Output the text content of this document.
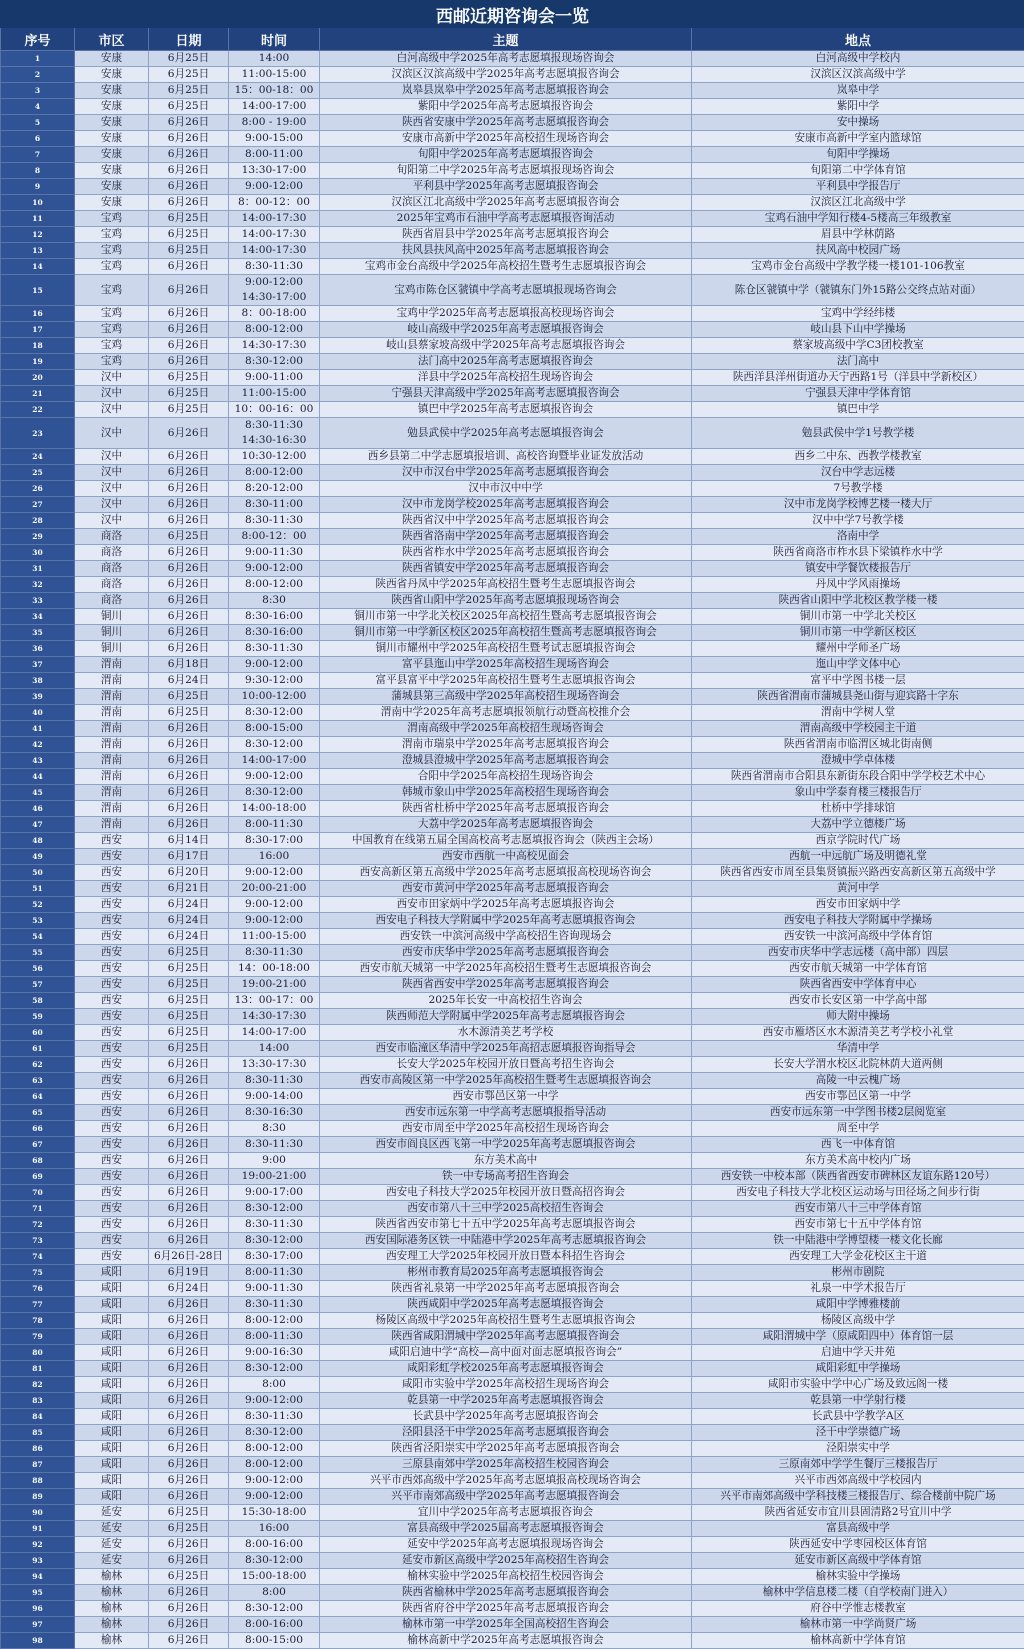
西邮近期咨询会一览					
序号	市区	日期	时间	主题	地点
1	安康	6月25日	14:00	白河高级中学2025年高考志愿填报现场咨询会	白河高级中学校内
2	安康	6月25日	11:00-15:00	汉滨区汉滨高级中学2025年高考志愿填报咨询会	汉滨区汉滨高级中学
3	安康	6月25日	15：00-18：00	岚皋县岚皋中学2025年高考志愿填报咨询会	岚皋中学
4	安康	6月25日	14:00-17:00	紫阳中学2025年高考志愿填报咨询会	紫阳中学
5	安康	6月26日	8:00 - 19:00	陕西省安康中学2025年高考志愿填报咨询会	安中操场
6	安康	6月26日	9:00-15:00	安康市高新中学2025年高校招生现场咨询会	安康市高新中学室内篮球馆
7	安康	6月26日	8:00-11:00	旬阳中学2025年高考志愿填报咨询会	旬阳中学操场
8	安康	6月26日	13:30-17:00	旬阳第二中学2025年高考志愿填报现场咨询会	旬阳第二中学体育馆
9	安康	6月26日	9:00-12:00	平利县中学2025年高考志愿填报咨询会	平利县中学报告厅
10	安康	6月26日	8：00-12：00	汉滨区江北高级中学2025年高考志愿填报咨询会	汉滨区江北高级中学
11	宝鸡	6月25日	14:00-17:30	2025年宝鸡市石油中学高考志愿填报咨询活动	宝鸡石油中学知行楼4-5楼高三年级教室
12	宝鸡	6月25日	14:00-17:30	陕西省眉县中学2025年高考志愿填报咨询会	眉县中学林荫路
13	宝鸡	6月25日	14:00-17:30	扶风县扶风高中2025年高考志愿填报咨询会	扶风高中校园广场
14	宝鸡	6月26日	8:30-11:30	宝鸡市金台高级中学2025年高校招生暨考生志愿填报咨询会	宝鸡市金台高级中学教学楼一楼101-106教室
15	宝鸡	6月26日	9:00-12:00
14:30-17:00	宝鸡市陈仓区虢镇中学高考志愿填报现场咨询会	陈仓区虢镇中学（虢镇东门外15路公交终点站对面）
16	宝鸡	6月26日	8：00-18:00	宝鸡中学2025年高考志愿填报高校现场咨询会	宝鸡中学经纬楼
17	宝鸡	6月26日	8:00-12:00	岐山高级中学2025年高考志愿填报咨询会	岐山县下山中学操场
18	宝鸡	6月26日	14:30-17:30	岐山县蔡家坡高级中学2025年高考志愿填报咨询会	蔡家坡高级中学C3团校教室
19	宝鸡	6月26日	8:30-12:00	法门高中2025年高考志愿填报咨询会	法门高中
20	汉中	6月25日	9:00-11:00	洋县中学2025年高校招生现场咨询会	陕西洋县洋州街道办天宁西路1号（洋县中学新校区）
21	汉中	6月25日	11:00-15:00	宁强县天津高级中学2025年高考志愿填报咨询会	宁强县天津中学体育馆
22	汉中	6月25日	10：00-16：00	镇巴中学2025年高考志愿填报咨询会	镇巴中学
23	汉中	6月26日	8:30-11:30
14:30-16:30	勉县武侯中学2025年高考志愿填报咨询会	勉县武侯中学1号教学楼
24	汉中	6月26日	10:30-12:00	西乡县第二中学志愿填报培训、高校咨询暨毕业证发放活动	西乡二中东、西教学楼教室
25	汉中	6月26日	8:00-12:00	汉中市汉台中学2025年高考志愿填报咨询会	汉台中学志远楼
26	汉中	6月26日	8:20-12:00	汉中市汉中中学	7号教学楼
27	汉中	6月26日	8:30-11:00	汉中市龙岗学校2025年高考志愿填报咨询会	汉中市龙岗学校博艺楼一楼大厅
28	汉中	6月26日	8:30-11:30	陕西省汉中中学2025年高考志愿填报咨询会	汉中中学7号教学楼
29	商洛	6月25日	8:00-12：00	陕西省洛南中学2025年高考志愿填报咨询会	洛南中学
30	商洛	6月26日	9:00-11:30	陕西省柞水中学2025年高考志愿填报咨询会	陕西省商洛市柞水县下梁镇柞水中学
31	商洛	6月26日	9:00-12:00	陕西省镇安中学2025年高考志愿填报咨询会	镇安中学餐饮楼报告厅
32	商洛	6月26日	8:00-12:00	陕西省丹凤中学2025年高校招生暨考生志愿填报咨询会	丹凤中学风雨操场
33	商洛	6月26日	8:30	陕西省山阳中学2025年高考志愿填报现场咨询会	陕西省山阳中学北校区教学楼一楼
34	铜川	6月26日	8:30-16:00	铜川市第一中学北关校区2025年高校招生暨高考志愿填报咨询会	铜川市第一中学北关校区
35	铜川	6月26日	8:30-16:00	铜川市第一中学新区校区2025年高校招生暨高考志愿填报咨询会	铜川市第一中学新区校区
36	铜川	6月26日	8:30-11:30	铜川市耀州中学2025年高校招生暨考试志愿填报咨询会	耀州中学师圣广场
37	渭南	6月18日	9:00-12:00	富平县迤山中学2025年高校招生现场咨询会	迤山中学文体中心
38	渭南	6月24日	9:30-12:00	富平县富平中学2025年高校招生暨考生志愿填报咨询会	富平中学图书楼一层
39	渭南	6月25日	10:00-12:00	蒲城县第三高级中学2025年高校招生现场咨询会	陕西省渭南市蒲城县尧山街与迎宾路十字东
40	渭南	6月25日	8:30-12:00	渭南中学2025年高考志愿填报领航行动暨高校推介会	渭南中学树人堂
41	渭南	6月26日	8:00-15:00	渭南高级中学2025年高校招生现场咨询会	渭南高级中学校园主干道
42	渭南	6月26日	8:30-12:00	渭南市瑞泉中学2025年高考志愿填报咨询会	陕西省渭南市临渭区城北街南侧
43	渭南	6月26日	14:00-17:00	澄城县澄城中学2025年高考志愿填报咨询会	澄城中学卓体楼
44	渭南	6月26日	9:00-12:00	合阳中学2025年高校招生现场咨询会	陕西省渭南市合阳县东新街东段合阳中学学校艺术中心
45	渭南	6月26日	8:30-12:00	韩城市象山中学2025年高校招生现场咨询会	象山中学泰育楼三楼报告厅
46	渭南	6月26日	14:00-18:00	陕西省杜桥中学2025年高考志愿填报咨询会	杜桥中学排球馆
47	渭南	6月26日	8:00-11:30	大荔中学2025年高考志愿填报咨询会	大荔中学立德楼广场
48	西安	6月14日	8:30-17:00	中国教育在线第五届全国高校高考志愿填报咨询会（陕西主会场）	西京学院时代广场
49	西安	6月17日	16:00	西安市西航一中高校见面会	西航一中远航广场及明德礼堂
50	西安	6月20日	9:00-12:00	西安高新区第五高级中学2025年高考志愿填报高校现场咨询会	陕西省西安市周至县集贤镇振兴路西安高新区第五高级中学
51	西安	6月21日	20:00-21:00	西安市黄河中学2025年高考志愿填报咨询会	黄河中学
52	西安	6月24日	9:00-12:00	西安市田家炳中学2025年高考志愿填报咨询会	西安市田家炳中学
53	西安	6月24日	9:00-12:00	西安电子科技大学附属中学2025年高考志愿填报咨询会	西安电子科技大学附属中学操场
54	西安	6月24日	11:00-15:00	西安铁一中滨河高级中学高校招生咨询现场会	西安铁一中滨河高级中学体育馆
55	西安	6月25日	8:30-11:30	西安市庆华中学2025年高考志愿填报咨询会	西安市庆华中学志远楼（高中部）四层
56	西安	6月25日	14：00-18:00	西安市航天城第一中学2025年高校招生暨考生志愿填报咨询会	西安市航天城第一中学体育馆
57	西安	6月25日	19:00-21:00	陕西省西安中学2025年高考志愿填报咨询会	陕西省西安中学体育中心
58	西安	6月25日	13：00-17：00	2025年长安一中高校招生咨询会	西安市长安区第一中学高中部
59	西安	6月25日	14:30-17:30	陕西师范大学附属中学2025年高考志愿填报咨询会	师大附中操场
60	西安	6月25日	14:00-17:00	水木源清美艺考学校	西安市雁塔区水木源清美艺考学校小礼堂
61	西安	6月25日	14:00	西安市临潼区华清中学2025年高招志愿填报咨询指导会	华清中学
62	西安	6月26日	13:30-17:30	长安大学2025年校园开放日暨高考招生咨询会	长安大学渭水校区北院林荫大道两侧
63	西安	6月26日	8:30-11:30	西安市高陵区第一中学2025年高校招生暨考生志愿填报咨询会	高陵一中云槐广场
64	西安	6月26日	9:00-14:00	西安市鄠邑区第一中学	西安市鄠邑区第一中学
65	西安	6月26日	8:30-16:30	西安市远东第一中学高考志愿填报指导活动	西安市远东第一中学图书楼2层阅览室
66	西安	6月26日	8:30	西安市周至中学2025年高校招生现场咨询会	周至中学
67	西安	6月26日	8:30-11:30	西安市阎良区西飞第一中学2025年高考志愿填报咨询会	西飞一中体育馆
68	西安	6月26日	9:00	东方美术高中	东方美术高中校内广场
69	西安	6月26日	19:00-21:00	铁一中专场高考招生咨询会	西安铁一中校本部（陕西省西安市碑林区友谊东路120号）
70	西安	6月26日	9:00-17:00	西安电子科技大学2025年校园开放日暨高招咨询会	西安电子科技大学北校区运动场与田径场之间步行街
71	西安	6月26日	8:30-12:00	西安市第八十三中学2025高校招生咨询会	西安市第八十三中学体育馆
72	西安	6月26日	8:30-11:30	陕西省西安市第七十五中学2025年高考志愿填报咨询会	西安市第七十五中学体育馆
73	西安	6月26日	8:30-12:00	西安国际港务区铁一中陆港中学2025年高考志愿填报咨询会	铁一中陆港中学博望楼一楼文化长廊
74	西安	6月26日-28日	8:30-17:00	西安理工大学2025年校园开放日暨本科招生咨询会	西安理工大学金花校区主干道
75	咸阳	6月19日	8:00-11:30	彬州市教育局2025年高考志愿填报咨询会	彬州市剧院
76	咸阳	6月24日	9:00-11:30	陕西省礼泉第一中学2025年高考志愿填报咨询会	礼泉一中学术报告厅
77	咸阳	6月26日	8:30-11:30	陕西咸阳中学2025年高考志愿填报咨询会	咸阳中学博雅楼前
78	咸阳	6月26日	8:00-12:00	杨陵区高级中学2025年高校招生暨考生志愿填报咨询会	杨陵区高级中学
79	咸阳	6月26日	8:00-11:30	陕西省咸阳渭城中学2025年高考志愿填报咨询会	咸阳渭城中学（原咸阳四中）体育馆一层
80	咸阳	6月26日	9:00-16:30	咸阳启迪中学“高校—高中面对面志愿填报咨询会”	启迪中学天井苑
81	咸阳	6月26日	8:30-12:00	咸阳彩虹学校2025年高考志愿填报咨询会	咸阳彩虹中学操场
82	咸阳	6月26日	8:00	咸阳市实验中学2025年高校招生现场咨询会	咸阳市实验中学中心广场及致远阁一楼
83	咸阳	6月26日	9:00-12:00	乾县第一中学2025年高考志愿填报咨询会	乾县第一中学射行楼
84	咸阳	6月26日	8:30-11:30	长武县中学2025年高考志愿填报咨询会	长武县中学教学A区
85	咸阳	6月26日	8:30-12:00	泾阳县泾干中学2025年高考志愿填报咨询会	泾干中学崇德广场
86	咸阳	6月26日	8:00-12:00	陕西省泾阳崇实中学2025年高考志愿填报咨询会	泾阳崇实中学
87	咸阳	6月26日	8:00-12:00	三原县南郊中学2025年高校招生校园咨询会	三原南郊中学学生餐厅三楼报告厅
88	咸阳	6月26日	9:00-12:00	兴平市西郊高级中学2025年高考志愿填报高校现场咨询会	兴平市西郊高级中学校园内
89	咸阳	6月26日	9:00-12:00	兴平市南郊高级中学2025年高考志愿填报咨询会	兴平市南郊高级中学科技楼三楼报告厅、综合楼前中院广场
90	延安	6月25日	15:30-18:00	宜川中学2025年高考志愿填报咨询会	陕西省延安市宜川县固清路2号宜川中学
91	延安	6月25日	16:00	富县高级中学2025届高考志愿填报咨询会	富县高级中学
92	延安	6月26日	8:00-16:00	延安中学2025年高考志愿填报现场咨询会	陕西延安中学枣园校区体育馆
93	延安	6月26日	8:30-12:00	延安市新区高级中学2025年高校招生咨询会	延安市新区高级中学体育馆
94	榆林	6月25日	15:00-18:00	榆林实验中学2025年高校招生校园咨询会	榆林实验中学操场
95	榆林	6月26日	8:00	陕西省榆林中学2025年高考志愿填报咨询会	榆林中学信息楼二楼（自学校南门进入）
96	榆林	6月26日	8:30-12:00	陕西省府谷中学2025年高考志愿填报咨询会	府谷中学惟志楼教室
97	榆林	6月26日	8:00-16:00	榆林市第一中学2025年全国高校招生咨询会	榆林市第一中学尚贤广场
98	榆林	6月26日	8:00-15:00	榆林高新中学2025年高考志愿填报咨询会	榆林高新中学体育馆
